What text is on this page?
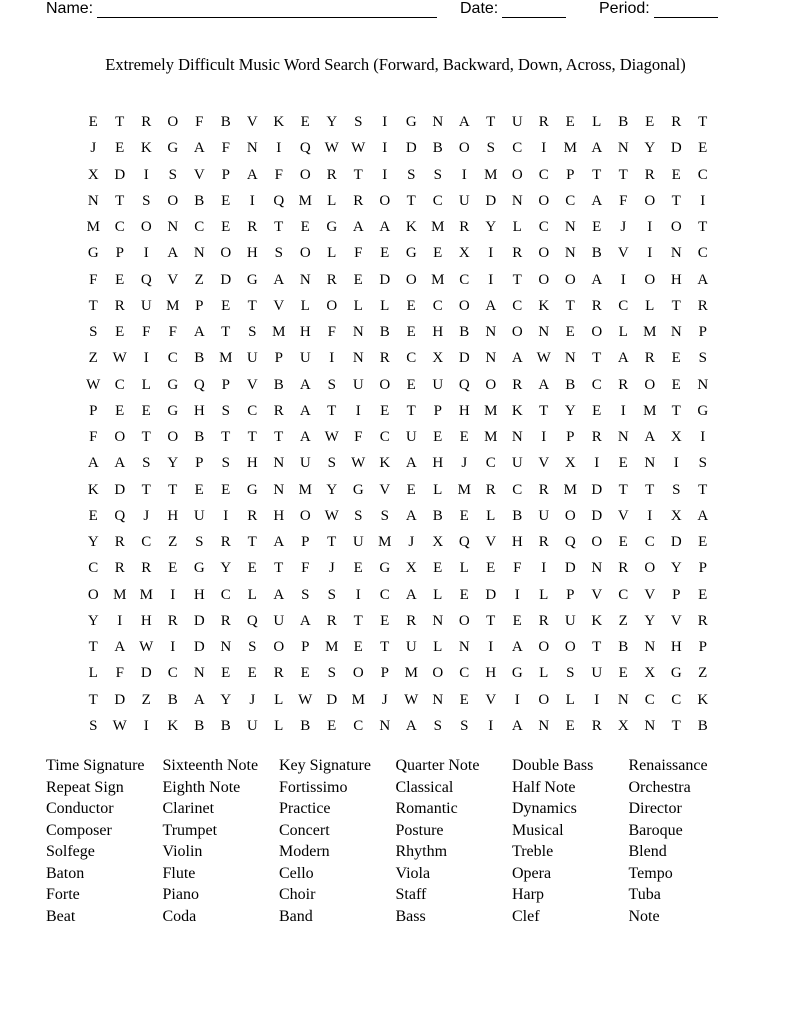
Name:	Date:	Period:
Extremely Difficult Music Word Search (Forward, Backward, Down, Across, Diagonal)
E	T	R	O	F	B	V	K	E	Y	S	I	G	N	A	T	U	R	E	L	B	E	R	T
J	E	K	G	A	F	N	I	Q W W	I	D	B	O	S	C	I	M A	N	Y	D	E
X	D	I	S	V	P	A	F	O	R	T	I	S	S	I	M O	C	P	T	T	R	E	C
N	T	S	O	B	E	I	Q M	L	R	O	T	C	U	D	N	O	C	A	F	O	T	I
M C	O	N	C	E	R	T	E	G	A	A	K M R	Y	L	C	N	E	J	I	O	T
G	P	I	A	N	O	H	S	O	L	F	E	G	E	X	I	R	O	N	B	V	I	N	C
F	E	Q	V	Z	D	G	A	N	R	E	D	O M C	I	T	O	O	A	I	O	H	A
T	R	U M	P	E	T	V	L	O	L	L	E	C	O	A	C	K	T	R	C	L	T	R
S	E	F	F	A	T	S	M H	F	N	B	E	H	B	N	O	N	E	O	L	M N	P
Z W	I	C	B M U	P	U	I	N	R	C	X	D	N	A W N	T	A	R	E	S
W C	L	G	Q	P	V	B	A	S	U	O	E	U	Q	O	R	A	B	C	R	O	E	N
P	E	E	G	H	S	C	R	A	T	I	E	T	P	H M K	T	Y	E	I	M	T	G
F	O	T	O	B	T	T	T	A W	F	C	U	E	E	M N	I	P	R	N	A	X	I
A	A	S	Y	P	S	H	N	U	S	W K	A	H	J	C	U	V	X	I	E	N	I	S
K	D	T	T	E	E	G	N M Y	G	V	E	L	M R	C	R M D	T	T	S	T
E	Q	J	H	U	I	R	H	O W	S	S	A	B	E	L	B	U	O	D	V	I	X	A
Y	R	C	Z	S	R	T	A	P	T	U M	J	X	Q	V	H	R	Q	O	E	C	D	E
C	R	R	E	G	Y	E	T	F	J	E	G	X	E	L	E	F	I	D	N	R	O	Y	P
O M M	I	H	C	L	A	S	S	I	C	A	L	E	D	I	L	P	V	C	V	P	E
Y	I	H	R	D	R	Q	U	A	R	T	E	R	N	O	T	E	R	U	K	Z	Y	V	R
T	A W	I	D	N	S	O	P	M	E	T	U	L	N	I	A	O	O	T	B	N	H	P
L	F	D	C	N	E	E	R	E	S	O	P	M O	C	H	G	L	S	U	E	X	G	Z
T	D	Z	B	A	Y	J	L W D M	J	W N	E	V	I	O	L	I	N	C	C	K
S	W	I	K	B	B	U	L	B	E	C	N	A	S	S	I	A	N	E	R	X	N	T	B
Time Signature
Repeat Sign
Conductor
Composer
Solfege
Baton
Forte
Beat
Sixteenth Note
Eighth Note
Clarinet
Trumpet
Violin
Flute
Piano
Coda
Key Signature
Fortissimo
Practice
Concert
Modern
Cello
Choir
Band
Quarter Note
Classical
Romantic
Posture
Rhythm
Viola
Staff
Bass
Double Bass
Half Note
Dynamics
Musical
Treble
Opera
Harp
Clef
Renaissance
Orchestra
Director
Baroque
Blend
Tempo
Tuba
Note
